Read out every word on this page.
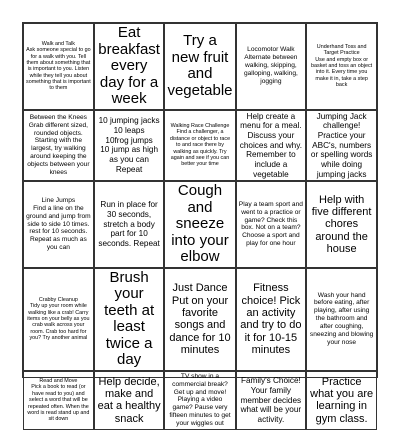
Walk and Talk
Ask someone special to go for a walk with you. Tell them about something that is important to you. Listen while they tell you about something that is important to them
Eat breakfast every day for a week
Try a new fruit and vegetable
Locomotor Walk
Alternate between walking, skipping, galloping, walking, jogging
Underhand Toss and Target Practice
Use and empty box or basket and toss an object into it. Every time you make it in, take a step back
Between the Knees Grab different sized, rounded objects. Starting with the largest, try walking around keeping the objects between your knees
10 jumping jacks
10 leaps
10frog jumps
10 jump as high as you can
Repeat
Walking Race Challenge
Find a challenger, a distance or object to race to and race there by walking as quickly. Try again and see if you can better your time
Help create a menu for a meal. Discuss your choices and why. Remember to include a vegetable
Jumping Jack challenge! Practice your ABC's, numbers or spelling words while doing jumping jacks
Line Jumps
Find a line on the ground and jump from side to side 10 times. rest for 10 seconds. Repeat as much as you can
Run in place for 30 seconds, stretch a body part for 10 seconds. Repeat
Cough and sneeze into your elbow
Play a team sport and went to a practice or game? Check this box. Not on a team? Choose a sport and play for one hour
Help with five different chores around the house
Crabby Cleanup
Tidy up your room while walking like a crab! Carry items on your belly as you crab walk across your room. Crab too hard for you? Try another animal
Brush your teeth at least twice a day
Just Dance
Put on your favorite songs and dance for 10 minutes
Fitness choice! Pick an activity and try to do it for 10-15 minutes
Wash your hand before eating, after playing, after using the bathroom and after coughing, sneezing and blowing your nose
Read and Move
Pick a book to read (or have read to you) and select a word that will be repeated often. When the word is read stand up and sit down
Help decide, make and eat a healthy snack
TV show in a commercial break? Get up and move! Playing a video game? Pause very fifteen minutes to get your wiggles out
Family's Choice! Your family member decides what will be your activity.
Practice what you are learning in gym class.
